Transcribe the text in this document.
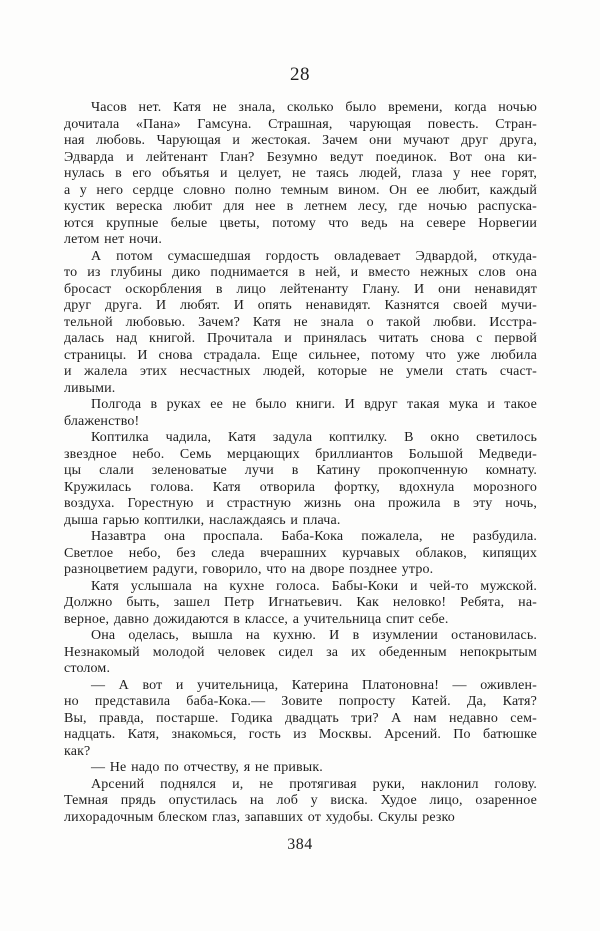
28
Часов нет. Катя не знала, сколько было времени, когда ночью
дочитала «Пана» Гамсуна. Страшная, чарующая повесть. Стран-
ная любовь. Чарующая и жестокая. Зачем они мучают друг друга,
Эдварда и лейтенант Глан? Безумно ведут поединок. Вот она ки-
нулась в его объятья и целует, не таясь людей, глаза у нее горят,
а у него сердце словно полно темным вином. Он ее любит, каждый
кустик вереска любит для нее в летнем лесу, где ночью распуска-
ются крупные белые цветы, потому что ведь на севере Норвегии
летом нет ночи.
А потом сумасшедшая гордость овладевает Эдвардой, откуда-
то из глубины дико поднимается в ней, и вместо нежных слов она
бросаст оскорбления в лицо лейтенанту Глану. И они ненавидят
друг друга. И любят. И опять ненавидят. Казнятся своей мучи-
тельной любовью. Зачем? Катя не знала о такой любви. Исстра-
далась над книгой. Прочитала и принялась читать снова с первой
страницы. И снова страдала. Еще сильнее, потому что уже любила
и жалела этих несчастных людей, которые не умели стать счаст-
ливыми.
Полгода в руках ее не было книги. И вдруг такая мука и такое
блаженство!
Коптилка чадила, Катя задула коптилку. В окно светилось
звездное небо. Семь мерцающих бриллиантов Большой Медведи-
цы слали зеленоватые лучи в Катину прокопченную комнату.
Кружилась голова. Катя отворила фортку, вдохнула морозного
воздуха. Горестную и страстную жизнь она прожила в эту ночь,
дыша гарью коптилки, наслаждаясь и плача.
Назавтра она проспала. Баба-Кока пожалела, не разбудила.
Светлое небо, без следа вчерашних курчавых облаков, кипящих
разноцветием радуги, говорило, что на дворе позднее утро.
Катя услышала на кухне голоса. Бабы-Коки и чей-то мужской.
Должно быть, зашел Петр Игнатьевич. Как неловко! Ребята, на-
верное, давно дожидаются в классе, а учительница спит себе.
Она оделась, вышла на кухню. И в изумлении остановилась.
Незнакомый молодой человек сидел за их обеденным непокрытым
столом.
— А вот и учительница, Катерина Платоновна! — оживлен-
но представила баба-Кока.— Зовите попросту Катей. Да, Катя?
Вы, правда, постарше. Годика двадцать три? А нам недавно сем-
надцать. Катя, знакомься, гость из Москвы. Арсений. По батюшке
как?
— Не надо по отчеству, я не привык.
Арсений поднялся и, не протягивая руки, наклонил голову.
Темная прядь опустилась на лоб у виска. Худое лицо, озаренное
лихорадочным блеском глаз, запавших от худобы. Скулы резко
384
